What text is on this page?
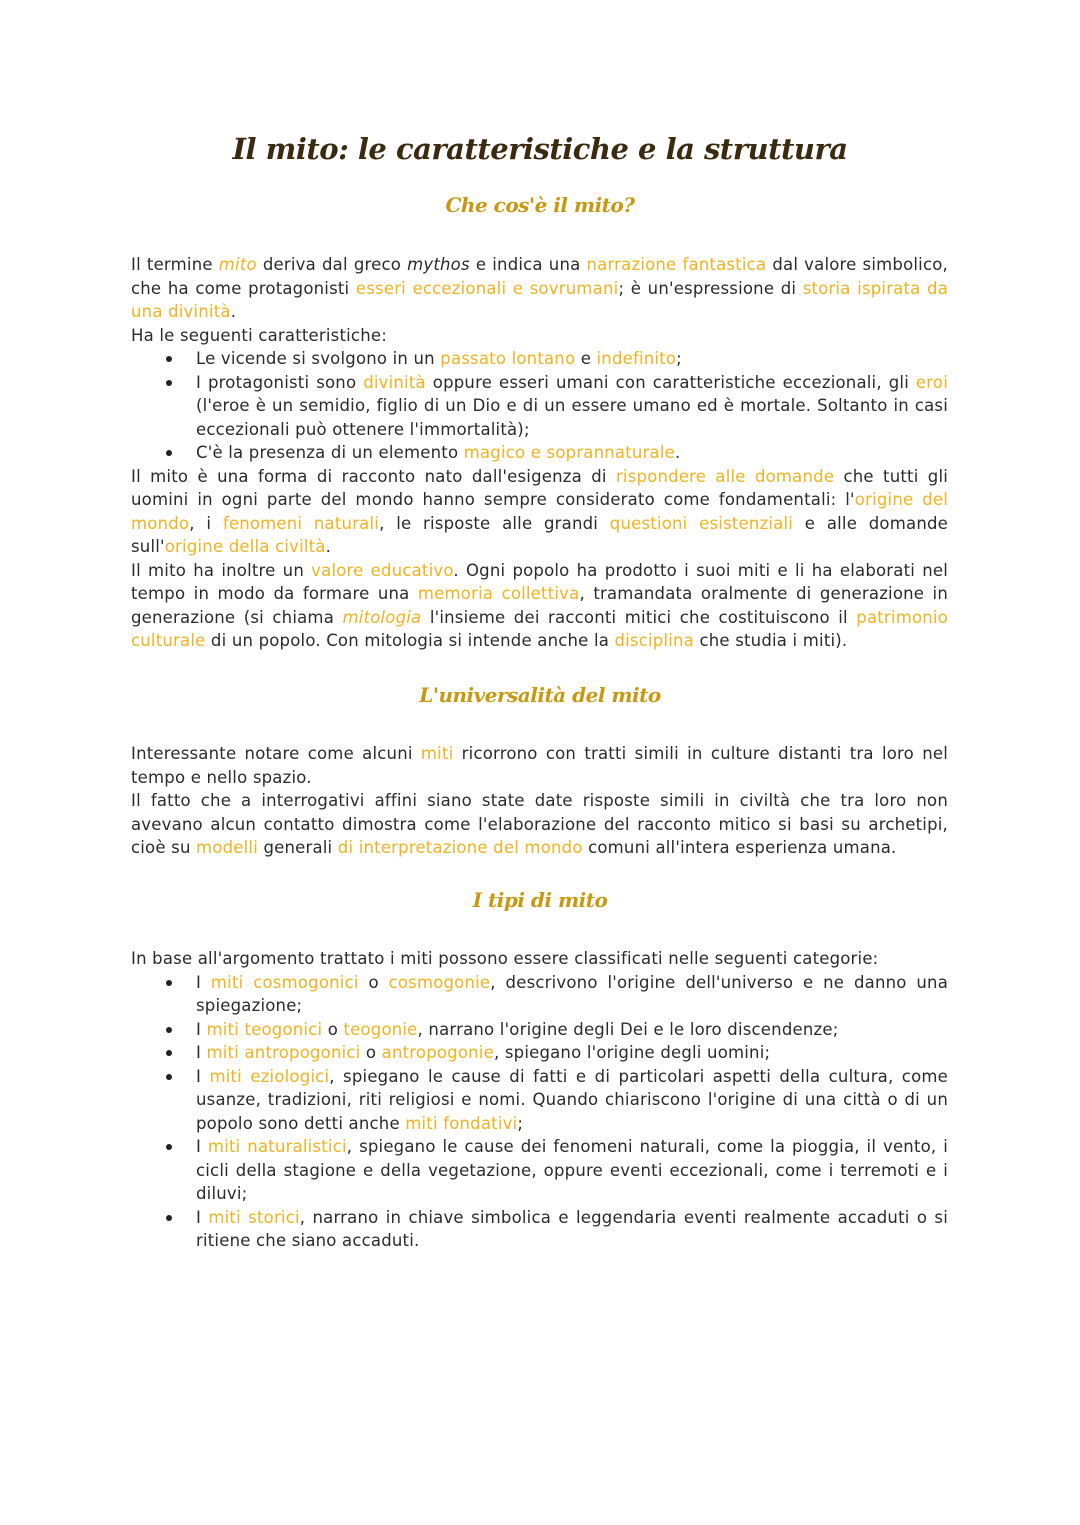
Il mito: le caratteristiche e la struttura
Che cos'è il mito?

Il termine mito deriva dal greco mythos e indica una narrazione fantastica dal valore simbolico, che ha come protagonisti esseri eccezionali e sovrumani; è un'espressione di storia ispirata da una divinità.

Ha le seguenti caratteristiche:

Le vicende si svolgono in un passato lontano e indefinito;
I protagonisti sono divinità oppure esseri umani con caratteristiche eccezionali, gli eroi (l'eroe è un semidio, figlio di un Dio e di un essere umano ed è mortale. Soltanto in casi eccezionali può ottenere l'immortalità);
C'è la presenza di un elemento magico e soprannaturale.

Il mito è una forma di racconto nato dall'esigenza di rispondere alle domande che tutti gli uomini in ogni parte del mondo hanno sempre considerato come fondamentali: l'origine del mondo, i fenomeni naturali, le risposte alle grandi questioni esistenziali e alle domande sull'origine della civiltà.

Il mito ha inoltre un valore educativo. Ogni popolo ha prodotto i suoi miti e li ha elaborati nel tempo in modo da formare una memoria collettiva, tramandata oralmente di generazione in generazione (si chiama mitologia l'insieme dei racconti mitici che costituiscono il patrimonio culturale di un popolo. Con mitologia si intende anche la disciplina che studia i miti).

L'universalità del mito

Interessante notare come alcuni miti ricorrono con tratti simili in culture distanti tra loro nel tempo e nello spazio.

Il fatto che a interrogativi affini siano state date risposte simili in civiltà che tra loro non avevano alcun contatto dimostra come l'elaborazione del racconto mitico si basi su archetipi, cioè su modelli generali di interpretazione del mondo comuni all'intera esperienza umana.

I tipi di mito

In base all'argomento trattato i miti possono essere classificati nelle seguenti categorie:

I miti cosmogonici o cosmogonie, descrivono l'origine dell'universo e ne danno una spiegazione;
I miti teogonici o teogonie, narrano l'origine degli Dei e le loro discendenze;
I miti antropogonici o antropogonie, spiegano l'origine degli uomini;
I miti eziologici, spiegano le cause di fatti e di particolari aspetti della cultura, come usanze, tradizioni, riti religiosi e nomi. Quando chiariscono l'origine di una città o di un popolo sono detti anche miti fondativi;
I miti naturalistici, spiegano le cause dei fenomeni naturali, come la pioggia, il vento, i cicli della stagione e della vegetazione, oppure eventi eccezionali, come i terremoti e i diluvi;
I miti storici, narrano in chiave simbolica e leggendaria eventi realmente accaduti o si ritiene che siano accaduti.
